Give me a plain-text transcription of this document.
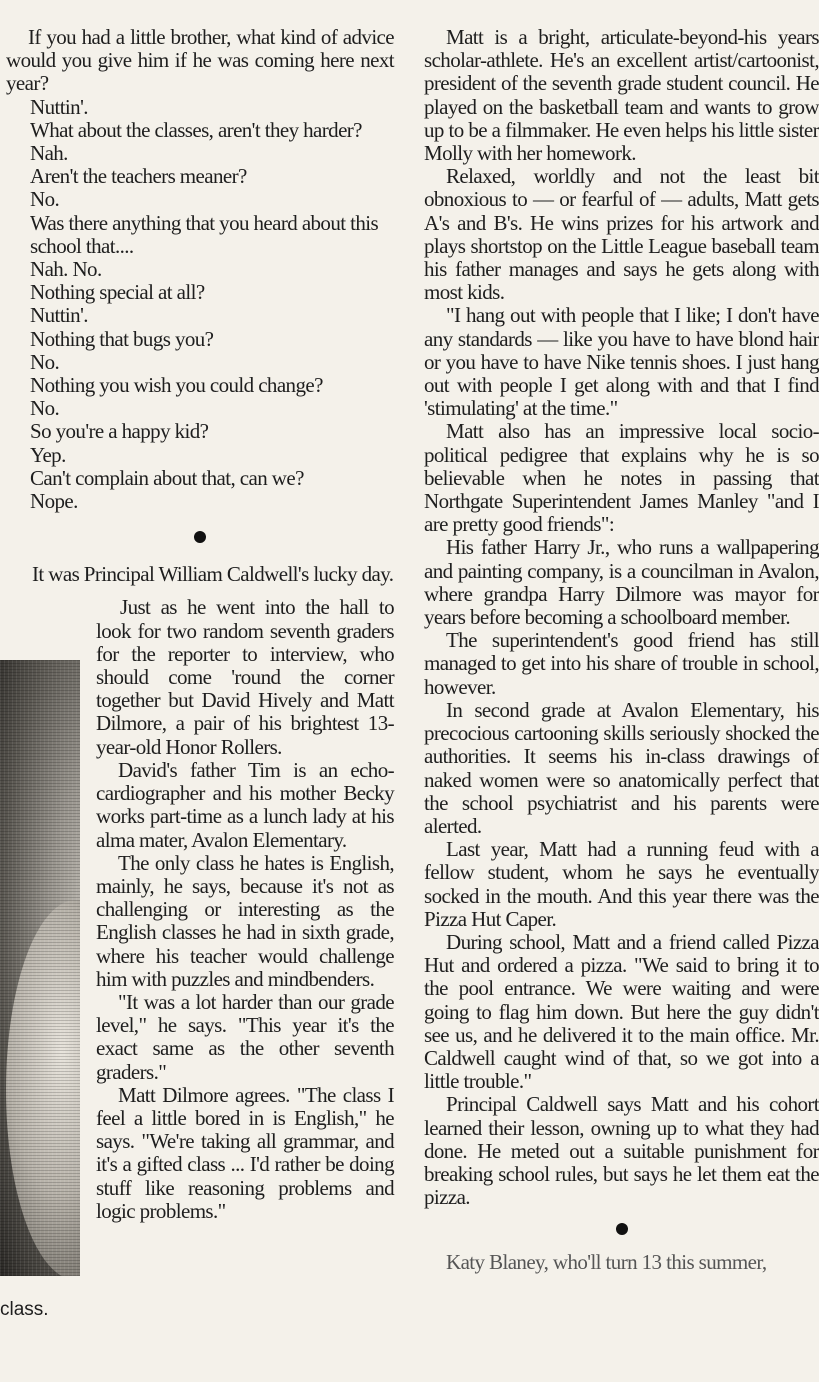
If you had a little brother, what kind of advice would you give him if he was coming here next year?

Nuttin'.

What about the classes, aren't they harder?

Nah.

Aren't the teachers meaner?

No.

Was there anything that you heard about this school that....

Nah. No.

Nothing special at all?

Nuttin'.

Nothing that bugs you?

No.

Nothing you wish you could change?

No.

So you're a happy kid?

Yep.

Can't complain about that, can we?

Nope.

It was Principal William Caldwell's lucky day.

Just as he went into the hall to look for two random seventh graders for the reporter to interview, who should come 'round the corner together but David Hively and Matt Dilmore, a pair of his brightest 13-year-old Honor Rollers.

David's father Tim is an echo-cardiographer and his mother Becky works part-time as a lunch lady at his alma mater, Avalon Elementary.

The only class he hates is English, mainly, he says, because it's not as challenging or interesting as the English classes he had in sixth grade, where his teacher would challenge him with puzzles and mindbenders.

"It was a lot harder than our grade level," he says. "This year it's the exact same as the other seventh graders."

Matt Dilmore agrees. "The class I feel a little bored in is English," he says. "We're taking all grammar, and it's a gifted class ... I'd rather be doing stuff like reasoning problems and logic problems."

class.

Matt is a bright, articulate-beyond-his years scholar-athlete. He's an excellent artist/cartoonist, president of the seventh grade student council. He played on the basketball team and wants to grow up to be a filmmaker. He even helps his little sister Molly with her homework.

Relaxed, worldly and not the least bit obnoxious to — or fearful of — adults, Matt gets A's and B's. He wins prizes for his artwork and plays shortstop on the Little League baseball team his father manages and says he gets along with most kids.

"I hang out with people that I like; I don't have any standards — like you have to have blond hair or you have to have Nike tennis shoes. I just hang out with people I get along with and that I find 'stimulating' at the time."

Matt also has an impressive local socio-political pedigree that explains why he is so believable when he notes in passing that Northgate Superintendent James Manley "and I are pretty good friends":

His father Harry Jr., who runs a wallpapering and painting company, is a councilman in Avalon, where grandpa Harry Dilmore was mayor for years before becoming a schoolboard member.

The superintendent's good friend has still managed to get into his share of trouble in school, however.

In second grade at Avalon Elementary, his precocious cartooning skills seriously shocked the authorities. It seems his in-class drawings of naked women were so anatomically perfect that the school psychiatrist and his parents were alerted.

Last year, Matt had a running feud with a fellow student, whom he says he eventually socked in the mouth. And this year there was the Pizza Hut Caper.

During school, Matt and a friend called Pizza Hut and ordered a pizza. "We said to bring it to the pool entrance. We were waiting and were going to flag him down. But here the guy didn't see us, and he delivered it to the main office. Mr. Caldwell caught wind of that, so we got into a little trouble."

Principal Caldwell says Matt and his cohort learned their lesson, owning up to what they had done. He meted out a suitable punishment for breaking school rules, but says he let them eat the pizza.

Katy Blaney, who'll turn 13 this summer,
